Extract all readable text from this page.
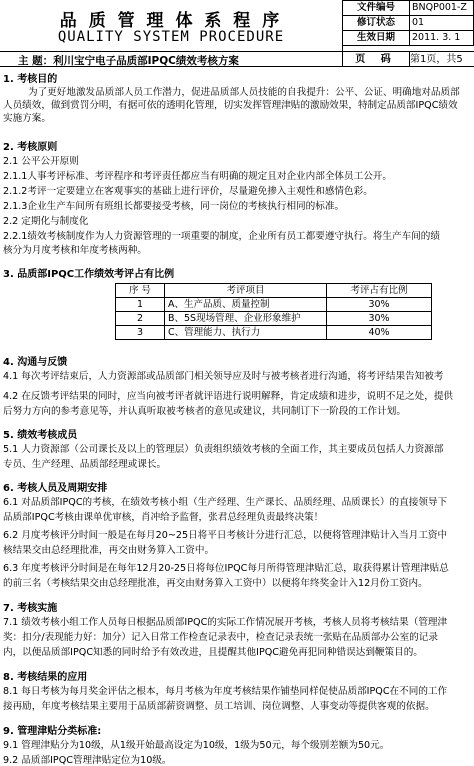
品 质 管 理 体 系 程 序
QUALITY SYSTEM PROCEDURE
文件编号	BNQP001-Z
修订状态	01
生效日期	2011. 3. 1
主 题：利川宝宁电子品质部IPQC绩效考核方案	页 码	第1页，共5
1. 考核目的
为了更好地激发品质部人员工作潜力，促进品质部人员技能的自我提升：公平、公证、明确地对品质部
人员绩效，做到赏罚分明，有据可依的透明化管理，切实发挥管理津贴的激励效果，特制定品质部IPQC绩效
实施方案。
2. 考核原则
2.1 公平公开原则
2.1.1人事考评标准、考评程序和考评责任都应当有明确的规定且对企业内部全体员工公开。
2.1.2考评一定要建立在客观事实的基础上进行评价，尽量避免掺入主观性和感情色彩。
2.1.3企业生产车间所有班组长都要接受考核，同一岗位的考核执行相同的标准。
2.2 定期化与制度化
2.2.1绩效考核制度作为人力资源管理的一项重要的制度，企业所有员工都要遵守执行。将生产车间的绩
核分为月度考核和年度考核两种。
3. 品质部IPQC工作绩效考评占有比例
序 号	考评项目	考评占有比例
1	A、生产品质、质量控制	30%
2	B、5S现场管理、企业形象维护	30%
3	C、管理能力、执行力	40%
4. 沟通与反馈
4.1 每次考评结束后，人力资源部或品质部门相关领导应及时与被考核者进行沟通，将考评结果告知被考
4.2 在反馈考评结果的同时，应当向被考评者就评语进行说明解释，肯定成绩和进步，说明不足之处，提供
后努力方向的参考意见等，并认真听取被考核者的意见或建议，共同制订下一阶段的工作计划。
5. 绩效考核成员
5.1 人力资源部（公司课长及以上的管理层）负责组织绩效考核的全面工作，其主要成员包括人力资源部
专员、生产经理、品质部经理或课长。
6. 考核人员及周期安排
6.1 对品质部IPQC的考核，在绩效考核小组（生产经理、生产课长、品质经理、品质课长）的直接领导下
品质部IPQC考核由课单优审核，肖冲给予监督，张君总经理负责最终决策！
6.2 月度考核评分时间一般是在每月20~25日将平日考核计分进行汇总，以便将管理津贴计入当月工资中
核结果交由总经理批准，再交由财务算入工资中。
6.3 年度考核评分时间是在每年12月20-25日将每位IPQC每月所得管理津贴汇总，取获得累计管理津贴总
的前三名（考核结果交由总经理批准，再交由财务算入工资中）以便将年终奖金计入12月份工资内。
7. 考核实施
7.1 绩效考核小组工作人员每日根据品质部IPQC的实际工作情况展开考核，考核人员将考核结果（管理津
奖：扣分/表现能力好：加分）记入日常工作检查记录表中，检查记录表统一张贴在品质部办公室的记录
内，以便品质部IPQC知悉的同时给予有效改进，且提醒其他IPQC避免再犯同种错误达到鞭策目的。
8. 考核结果的应用
8.1 每日考核为每月奖金评估之根本，每月考核为年度考核结果作铺垫同样促使品质部IPQC在不同的工作
接再励，年度考核结果主要用于品质部薪资调整、员工培训、岗位调整、人事变动等提供客观的依据。
9. 管理津贴分类标准:
9.1 管理津贴分为10级，从1级开始最高设定为10级，1级为50元，每个级别差额为50元。
9.2 品质部IPQC管理津贴定位为10级。
